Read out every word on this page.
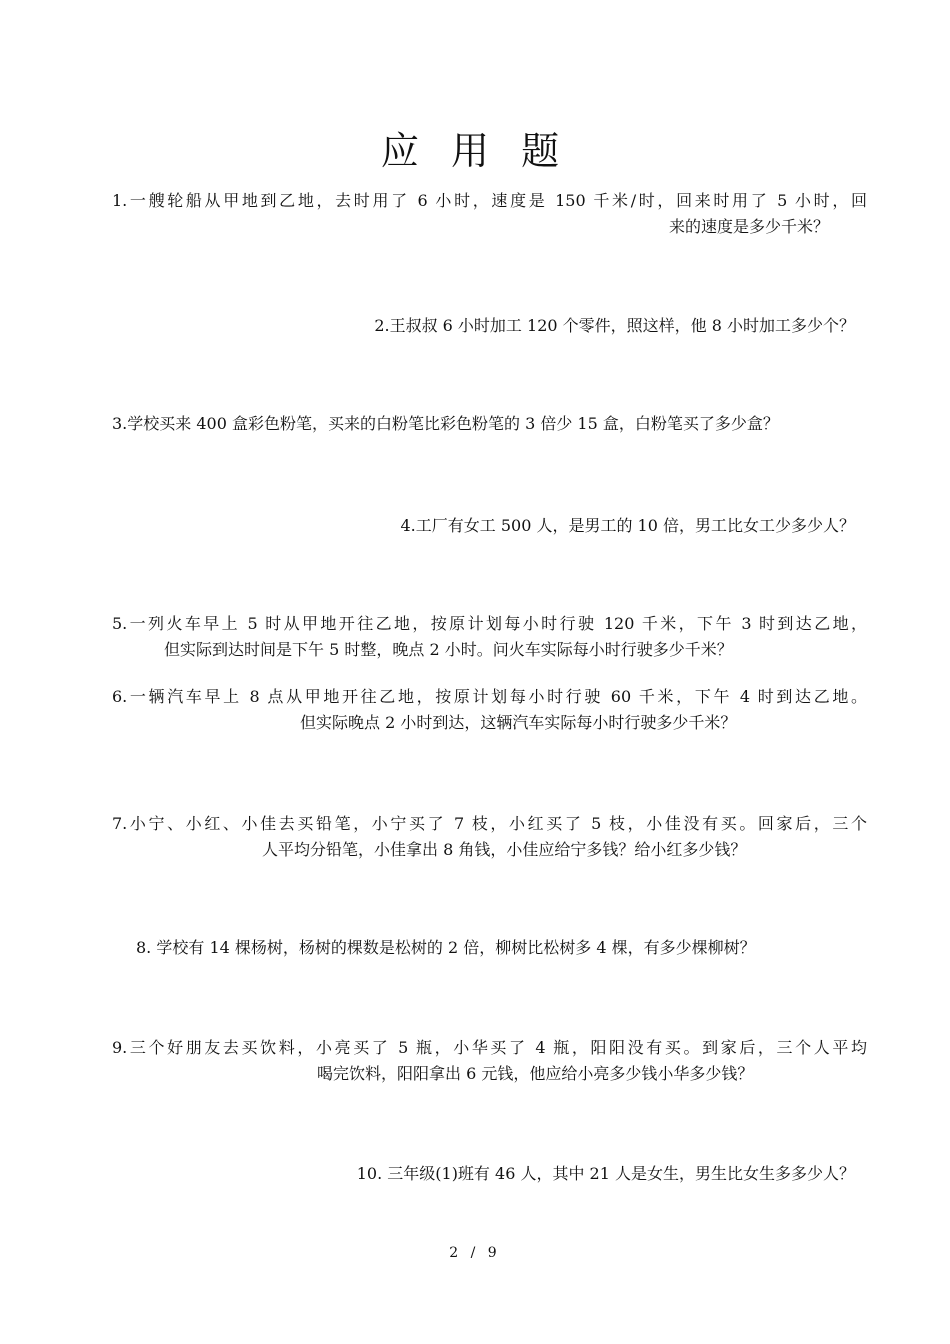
应 用 题
1.一艘轮船从甲地到乙地，去时用了 6 小时，速度是 150 千米/时，回来时用了 5 小时，回
来的速度是多少千米？
2.王叔叔 6 小时加工 120 个零件，照这样，他 8 小时加工多少个？
3.学校买来 400 盒彩色粉笔，买来的白粉笔比彩色粉笔的 3 倍少 15 盒，白粉笔买了多少盒？
4.工厂有女工 500 人，是男工的 10 倍，男工比女工少多少人？
5.一列火车早上 5 时从甲地开往乙地，按原计划每小时行驶 120 千米，下午 3 时到达乙地，
但实际到达时间是下午 5 时整，晚点 2 小时。问火车实际每小时行驶多少千米？
6.一辆汽车早上 8 点从甲地开往乙地，按原计划每小时行驶 60 千米，下午 4 时到达乙地。
但实际晚点 2 小时到达，这辆汽车实际每小时行驶多少千米？
7.小宁、小红、小佳去买铅笔，小宁买了 7 枝，小红买了 5 枝，小佳没有买。回家后，三个
人平均分铅笔，小佳拿出 8 角钱，小佳应给宁多钱？给小红多少钱？
8. 学校有 14 棵杨树，杨树的棵数是松树的 2 倍，柳树比松树多 4 棵，有多少棵柳树？
9.三个好朋友去买饮料，小亮买了 5 瓶，小华买了 4 瓶，阳阳没有买。到家后，三个人平均
喝完饮料，阳阳拿出 6 元钱，他应给小亮多少钱小华多少钱？
10. 三年级(1)班有 46 人，其中 21 人是女生，男生比女生多多少人？
2 / 9
